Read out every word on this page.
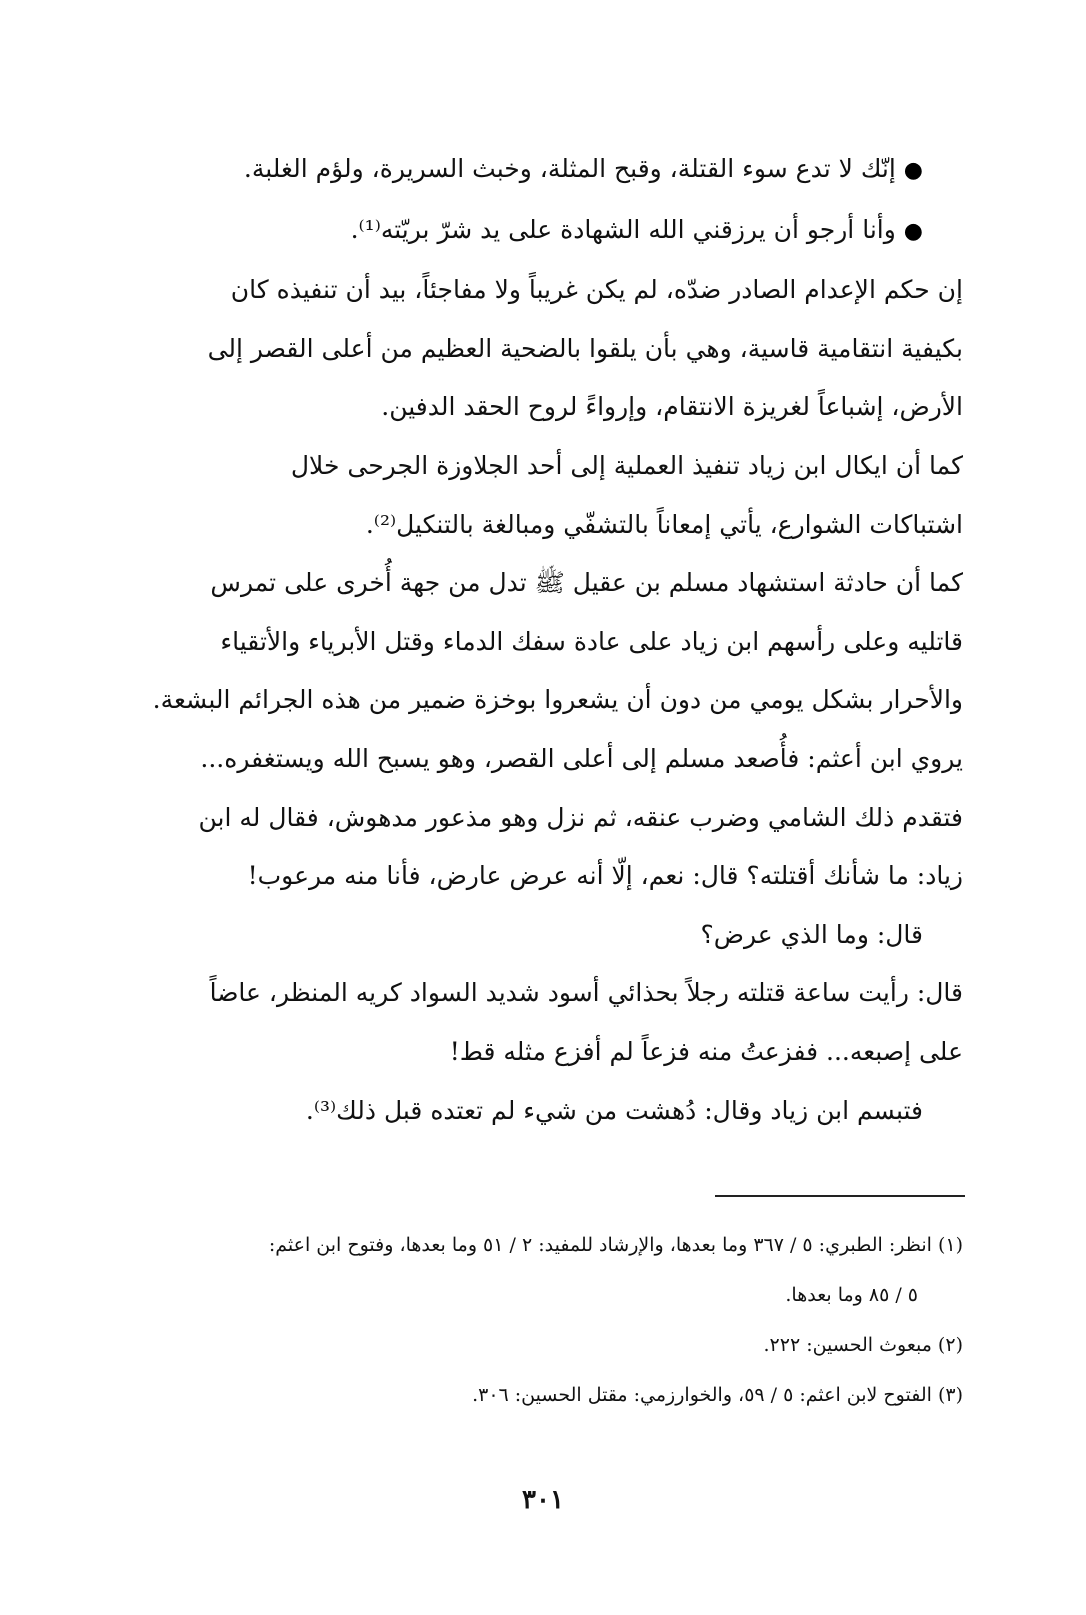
●إنّك لا تدع سوء القتلة، وقبح المثلة، وخبث السريرة، ولؤم الغلبة.
●وأنا أرجو أن يرزقني الله الشهادة على يد شرّ بريّته⁽¹⁾.
إن حكم الإعدام الصادر ضدّه، لم يكن غريباً ولا مفاجئاً، بيد أن تنفيذه كان
بكيفية انتقامية قاسية، وهي بأن يلقوا بالضحية العظيم من أعلى القصر إلى
الأرض، إشباعاً لغريزة الانتقام، وإرواءً لروح الحقد الدفين.
كما أن ايكال ابن زياد تنفيذ العملية إلى أحد الجلاوزة الجرحى خلال
اشتباكات الشوارع، يأتي إمعاناً بالتشفّي ومبالغة بالتنكيل⁽²⁾.
كما أن حادثة استشهاد مسلم بن عقيل ﷺ تدل من جهة أُخرى على تمرس
قاتليه وعلى رأسهم ابن زياد على عادة سفك الدماء وقتل الأبرياء والأتقياء
والأحرار بشكل يومي من دون أن يشعروا بوخزة ضمير من هذه الجرائم البشعة.
يروي ابن أعثم: فأُصعد مسلم إلى أعلى القصر، وهو يسبح الله ويستغفره...
فتقدم ذلك الشامي وضرب عنقه، ثم نزل وهو مذعور مدهوش، فقال له ابن
زياد: ما شأنك أقتلته؟ قال: نعم، إلّا أنه عرض عارض، فأنا منه مرعوب!
قال: وما الذي عرض؟
قال: رأيت ساعة قتلته رجلاً بحذائي أسود شديد السواد كريه المنظر، عاضاً
على إصبعه... ففزعتُ منه فزعاً لم أفزع مثله قط!
فتبسم ابن زياد وقال: دُهشت من شيء لم تعتده قبل ذلك⁽³⁾.
(١) انظر: الطبري: ٥ / ٣٦٧ وما بعدها، والإرشاد للمفيد: ٢ / ٥١ وما بعدها، وفتوح ابن اعثم:
٥ / ٨٥ وما بعدها.
(٢) مبعوث الحسين: ٢٢٢.
(٣) الفتوح لابن اعثم: ٥ / ٥٩، والخوارزمي: مقتل الحسين: ٣٠٦.
٣٠١
